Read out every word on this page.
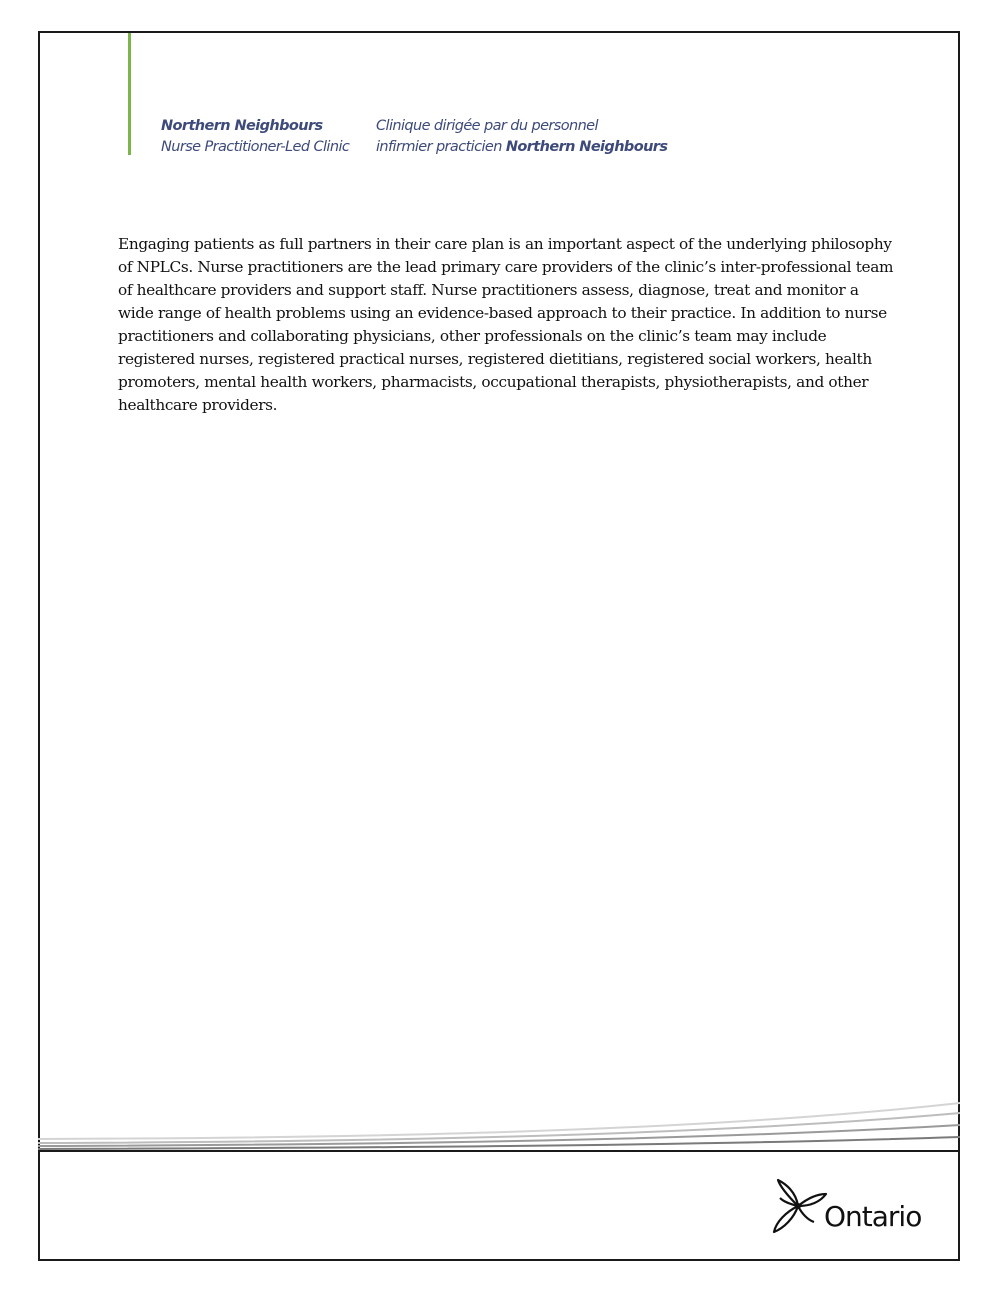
Northern Neighbours
Nurse Practitioner-Led Clinic
Clinique dirigée par du personnel
infirmier practicien Northern Neighbours

Engaging patients as full partners in their care plan is an important aspect of the underlying philosophy of NPLCs. Nurse practitioners are the lead primary care providers of the clinic’s inter-professional team of healthcare providers and support staff. Nurse practitioners assess, diagnose, treat and monitor a wide range of health problems using an evidence-based approach to their practice. In addition to nurse practitioners and collaborating physicians, other professionals on the clinic’s team may include registered nurses, registered practical nurses, registered dietitians, registered social workers, health promoters, mental health workers, pharmacists, occupational therapists, physiotherapists, and other healthcare providers.

Ontario
